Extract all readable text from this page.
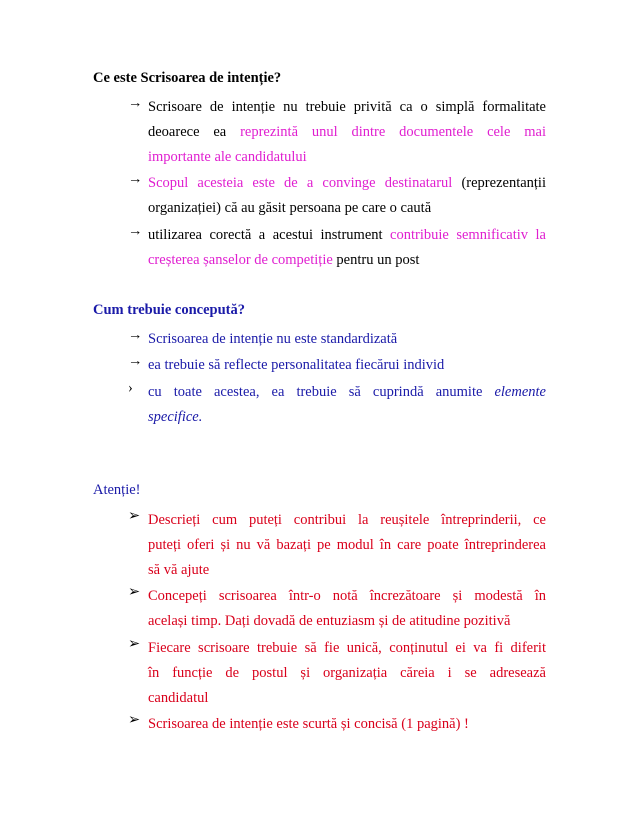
Ce este Scrisoarea de intenție?
→ Scrisoare de intenție nu trebuie privită ca o simplă formalitate
deoarece ea reprezintă unul dintre documentele cele mai
importante ale candidatului
→ Scopul acesteia este de a convinge destinatarul (reprezentanții
organizației) că au găsit persoana pe care o caută
→ utilizarea corectă a acestui instrument contribuie semnificativ la
creșterea șanselor de competiție pentru un post
Cum trebuie concepută?
→ Scrisoarea de intenție nu este standardizată
→ ea trebuie să reflecte personalitatea fiecărui individ
› cu toate acestea, ea trebuie să cuprindă anumite elemente
specifice.
Atenție!
➢ Descrieți cum puteți contribui la reușitele întreprinderii, ce
puteți oferi și nu vă bazați pe modul în care poate întreprinderea
să vă ajute
➢ Concepeți scrisoarea într-o notă încrezătoare și modestă în
același timp. Dați dovadă de entuziasm și de atitudine pozitivă
➢ Fiecare scrisoare trebuie să fie unică, conținutul ei va fi diferit
în funcție de postul și organizația căreia i se adresează
candidatul
➢ Scrisoarea de intenție este scurtă și concisă (1 pagină) !
